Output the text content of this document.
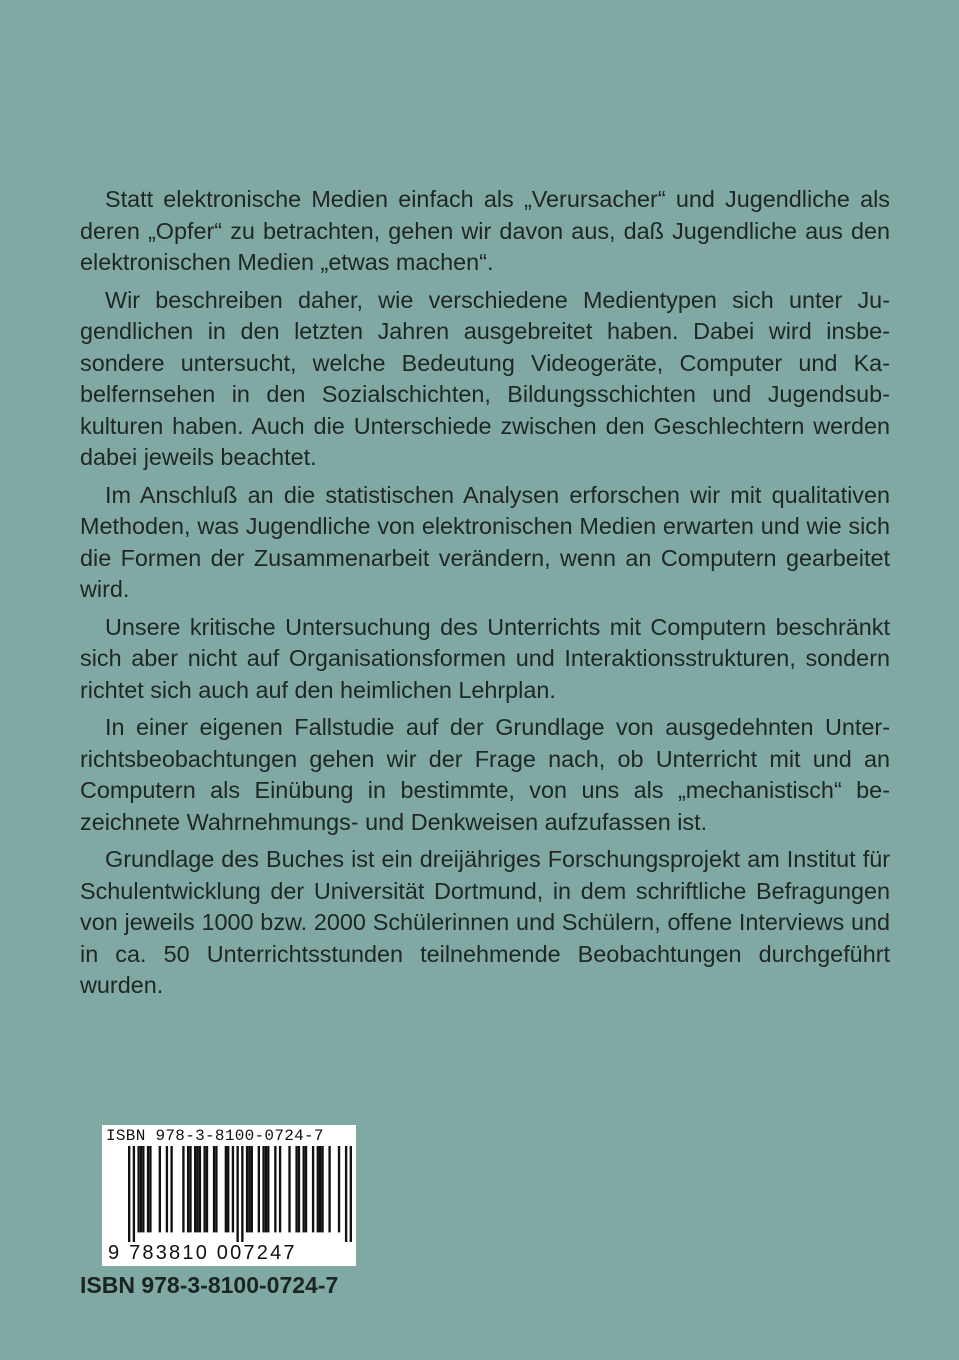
Statt elektronische Medien einfach als „Verursacher“ und Jugendliche als deren „Opfer“ zu betrachten, gehen wir davon aus, daß Jugendliche aus den elektronischen Medien „etwas machen“.

Wir beschreiben daher, wie verschiedene Medientypen sich unter Jugendlichen in den letzten Jahren ausgebreitet haben. Dabei wird insbesondere untersucht, welche Bedeutung Videogeräte, Computer und Kabelfernsehen in den Sozialschichten, Bildungsschichten und Jugendsubkulturen haben. Auch die Unterschiede zwischen den Geschlechtern werden dabei jeweils beachtet.

Im Anschluß an die statistischen Analysen erforschen wir mit qualitativen Methoden, was Jugendliche von elektronischen Medien erwarten und wie sich die Formen der Zusammenarbeit verändern, wenn an Computern gearbeitet wird.

Unsere kritische Untersuchung des Unterrichts mit Computern beschränkt sich aber nicht auf Organisationsformen und Interaktionsstrukturen, sondern richtet sich auch auf den heimlichen Lehrplan.

In einer eigenen Fallstudie auf der Grundlage von ausgedehnten Unterrichtsbeobachtungen gehen wir der Frage nach, ob Unterricht mit und an Computern als Einübung in bestimmte, von uns als „mechanistisch“ bezeichnete Wahrnehmungs- und Denkweisen aufzufassen ist.

Grundlage des Buches ist ein dreijähriges Forschungsprojekt am Institut für Schulentwicklung der Universität Dortmund, in dem schriftliche Befragungen von jeweils 1000 bzw. 2000 Schülerinnen und Schülern, offene Interviews und in ca. 50 Unterrichtsstunden teilnehmende Beobachtungen durchgeführt wurden.

ISBN 978-3-8100-0724-7
9 783810 007247
ISBN 978-3-8100-0724-7
